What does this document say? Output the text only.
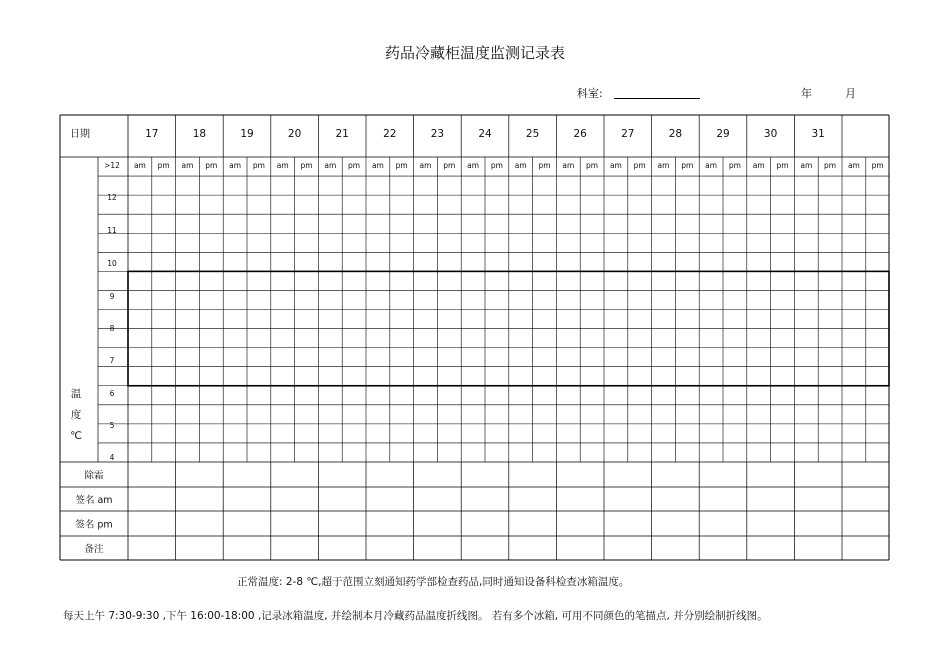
药品冷藏柜温度监测记录表
科室:	年	月
日期	17	18	19	20	21	22	23	24	25	26	27	28	29	30	31
am pm am pm am pm am pm am pm am pm am pm am pm am pm am pm am pm am pm am pm am pm am pm am pm
>12
12
11
10
9
8
7
6
5
4
温
度
℃
除霜
签名 am
签名 pm
备注
正常温度: 2-8 ℃,超于范围立刻通知药学部检查药品,同时通知设备科检查冰箱温度。
每天上午 7:30-9:30 ,下午 16:00-18:00 ,记录冰箱温度, 并绘制本月冷藏药品温度折线图。 若有多个冰箱, 可用不同颜色的笔描点, 并分别绘制折线图。
